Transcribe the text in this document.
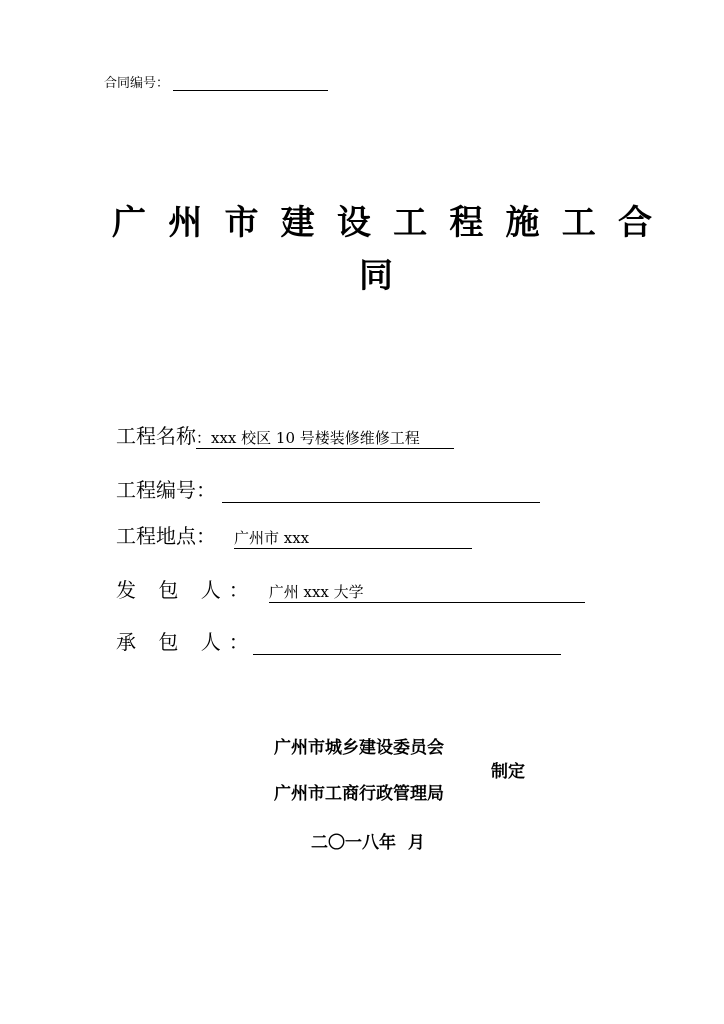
合同编号：
广 州 市 建 设 工 程 施 工 合
同
工程名称 ：xxx 校区 10 号楼装修维修工程
工程编号：
工程地点： 广州市 xxx
发 包 人： 广州 xxx 大学
承 包 人：
广州市城乡建设委员会
制定
广州市工商行政管理局
二〇一八年 月
